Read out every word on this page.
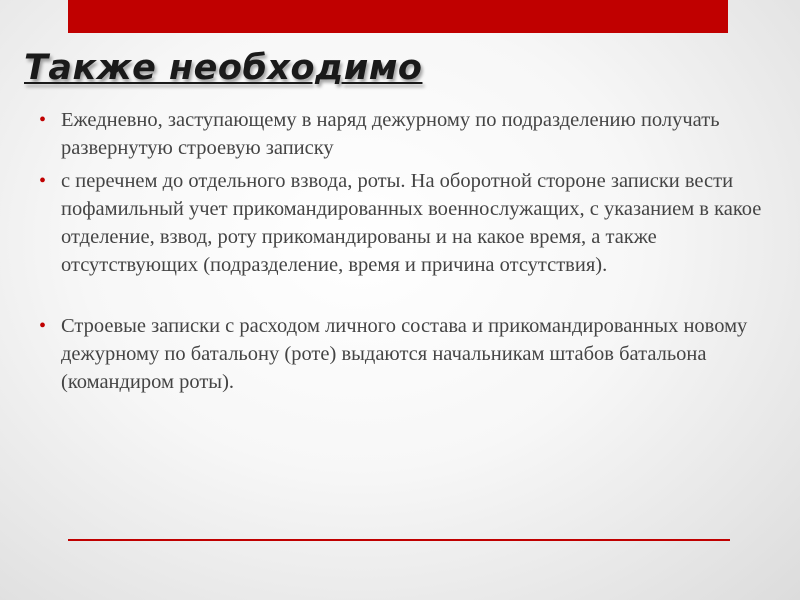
Также необходимо
• Ежедневно, заступающему в наряд дежурному по подразделению получать развернутую строевую записку
• с перечнем до отдельного взвода, роты. На оборотной стороне записки вести пофамильный учет прикомандированных военнослужащих, с указанием в какое отделение, взвод, роту прикомандированы и на какое время, а также отсутствующих (подразделение, время и причина отсутствия).
• Строевые записки с расходом личного состава и прикомандированных новому дежурному по батальону (роте) выдаются начальникам штабов батальона (командиром роты).
